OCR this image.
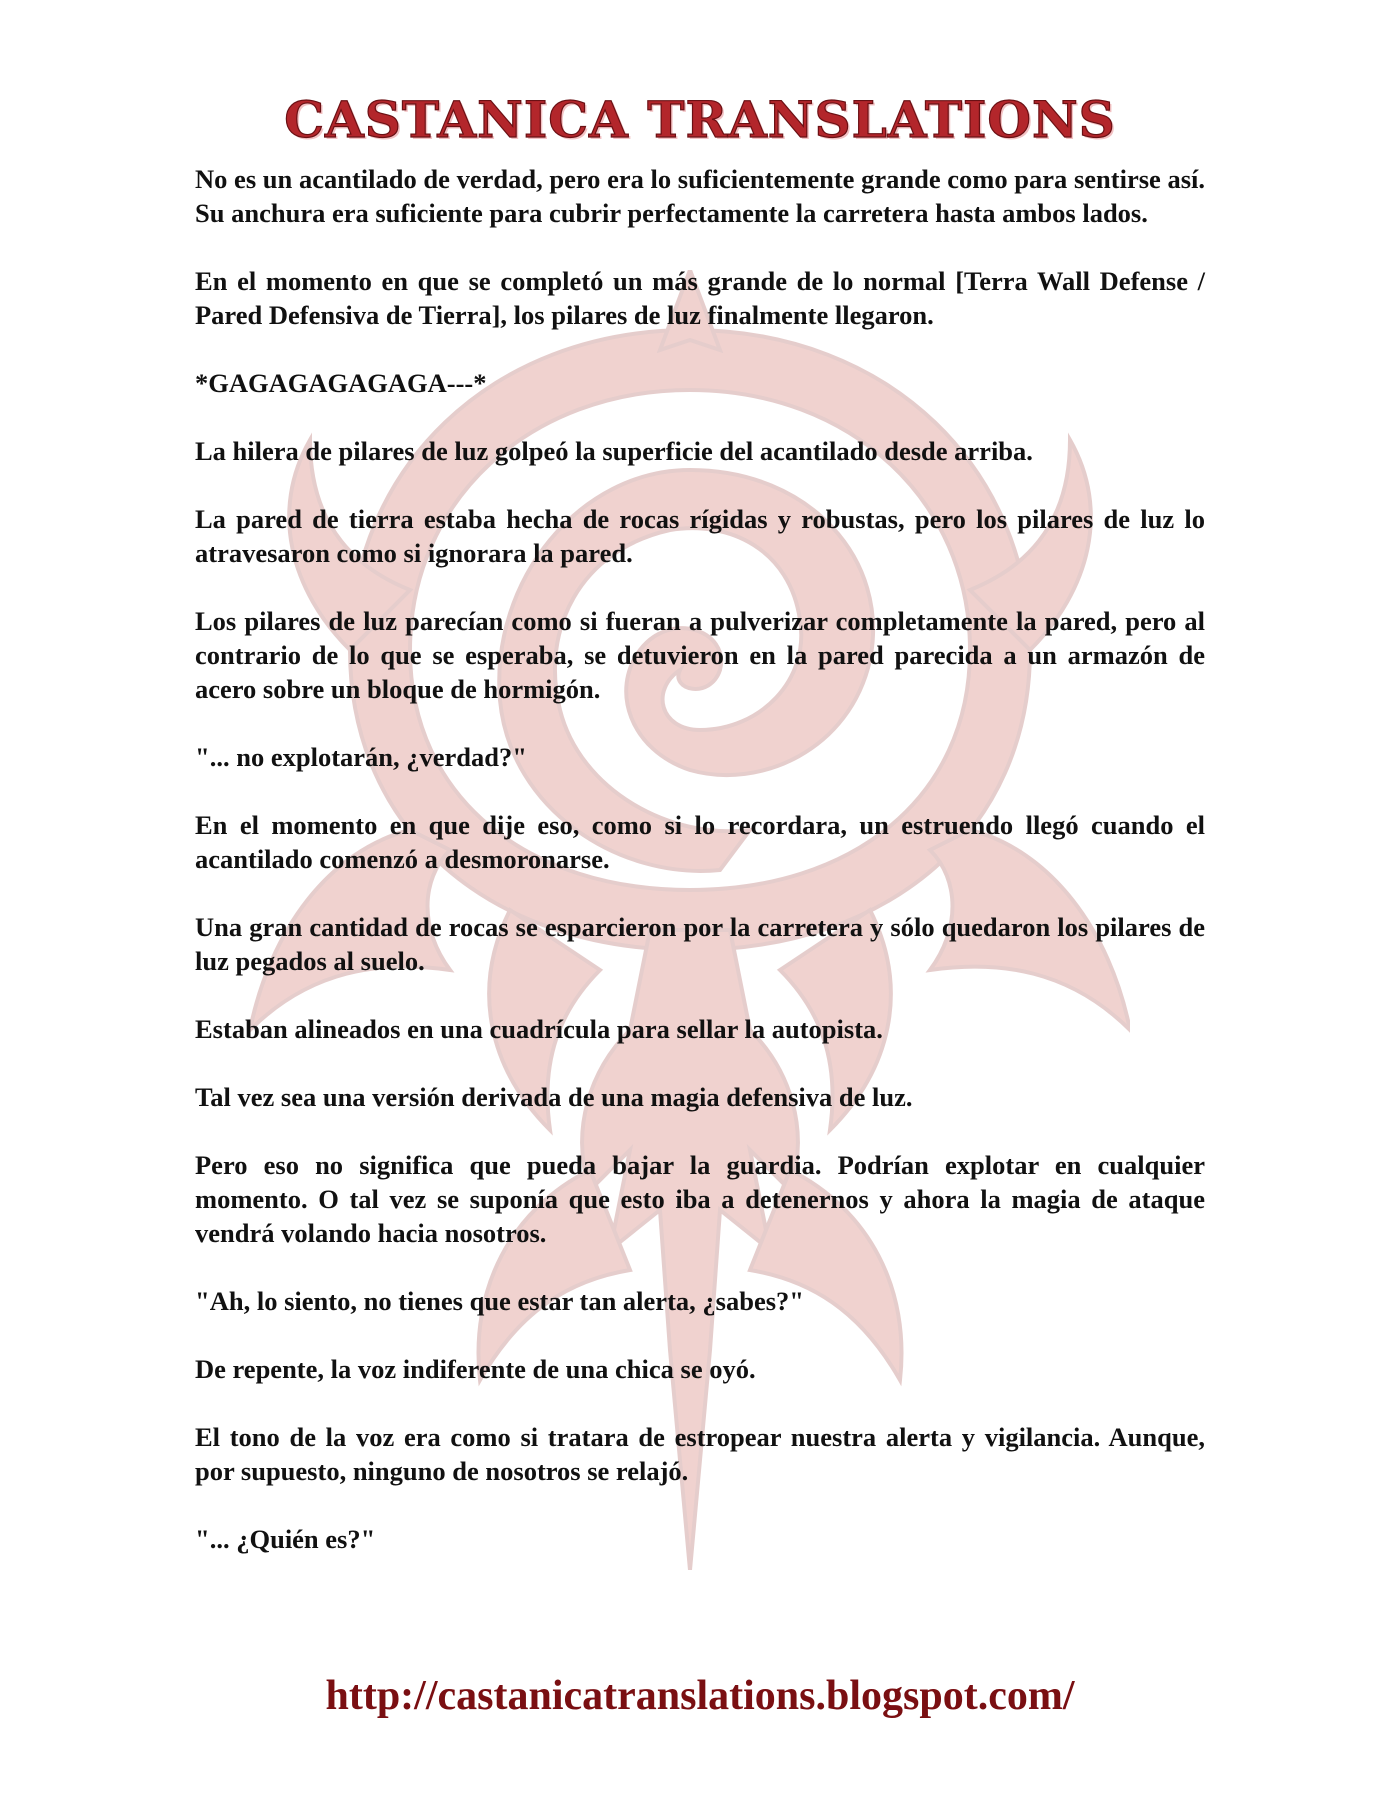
CASTANICA TRANSLATIONS

No es un acantilado de verdad, pero era lo suficientemente grande como para sentirse así. Su anchura era suficiente para cubrir perfectamente la carretera hasta ambos lados.

En el momento en que se completó un más grande de lo normal [Terra Wall Defense / Pared Defensiva de Tierra], los pilares de luz finalmente llegaron.

*GAGAGAGAGAGA---*

La hilera de pilares de luz golpeó la superficie del acantilado desde arriba.

La pared de tierra estaba hecha de rocas rígidas y robustas, pero los pilares de luz lo atravesaron como si ignorara la pared.

Los pilares de luz parecían como si fueran a pulverizar completamente la pared, pero al contrario de lo que se esperaba, se detuvieron en la pared parecida a un armazón de acero sobre un bloque de hormigón.

"... no explotarán, ¿verdad?"

En el momento en que dije eso, como si lo recordara, un estruendo llegó cuando el acantilado comenzó a desmoronarse.

Una gran cantidad de rocas se esparcieron por la carretera y sólo quedaron los pilares de luz pegados al suelo.

Estaban alineados en una cuadrícula para sellar la autopista.

Tal vez sea una versión derivada de una magia defensiva de luz.

Pero eso no significa que pueda bajar la guardia. Podrían explotar en cualquier momento. O tal vez se suponía que esto iba a detenernos y ahora la magia de ataque vendrá volando hacia nosotros.

"Ah, lo siento, no tienes que estar tan alerta, ¿sabes?"

De repente, la voz indiferente de una chica se oyó.

El tono de la voz era como si tratara de estropear nuestra alerta y vigilancia. Aunque, por supuesto, ninguno de nosotros se relajó.

"... ¿Quién es?"

http://castanicatranslations.blogspot.com/
